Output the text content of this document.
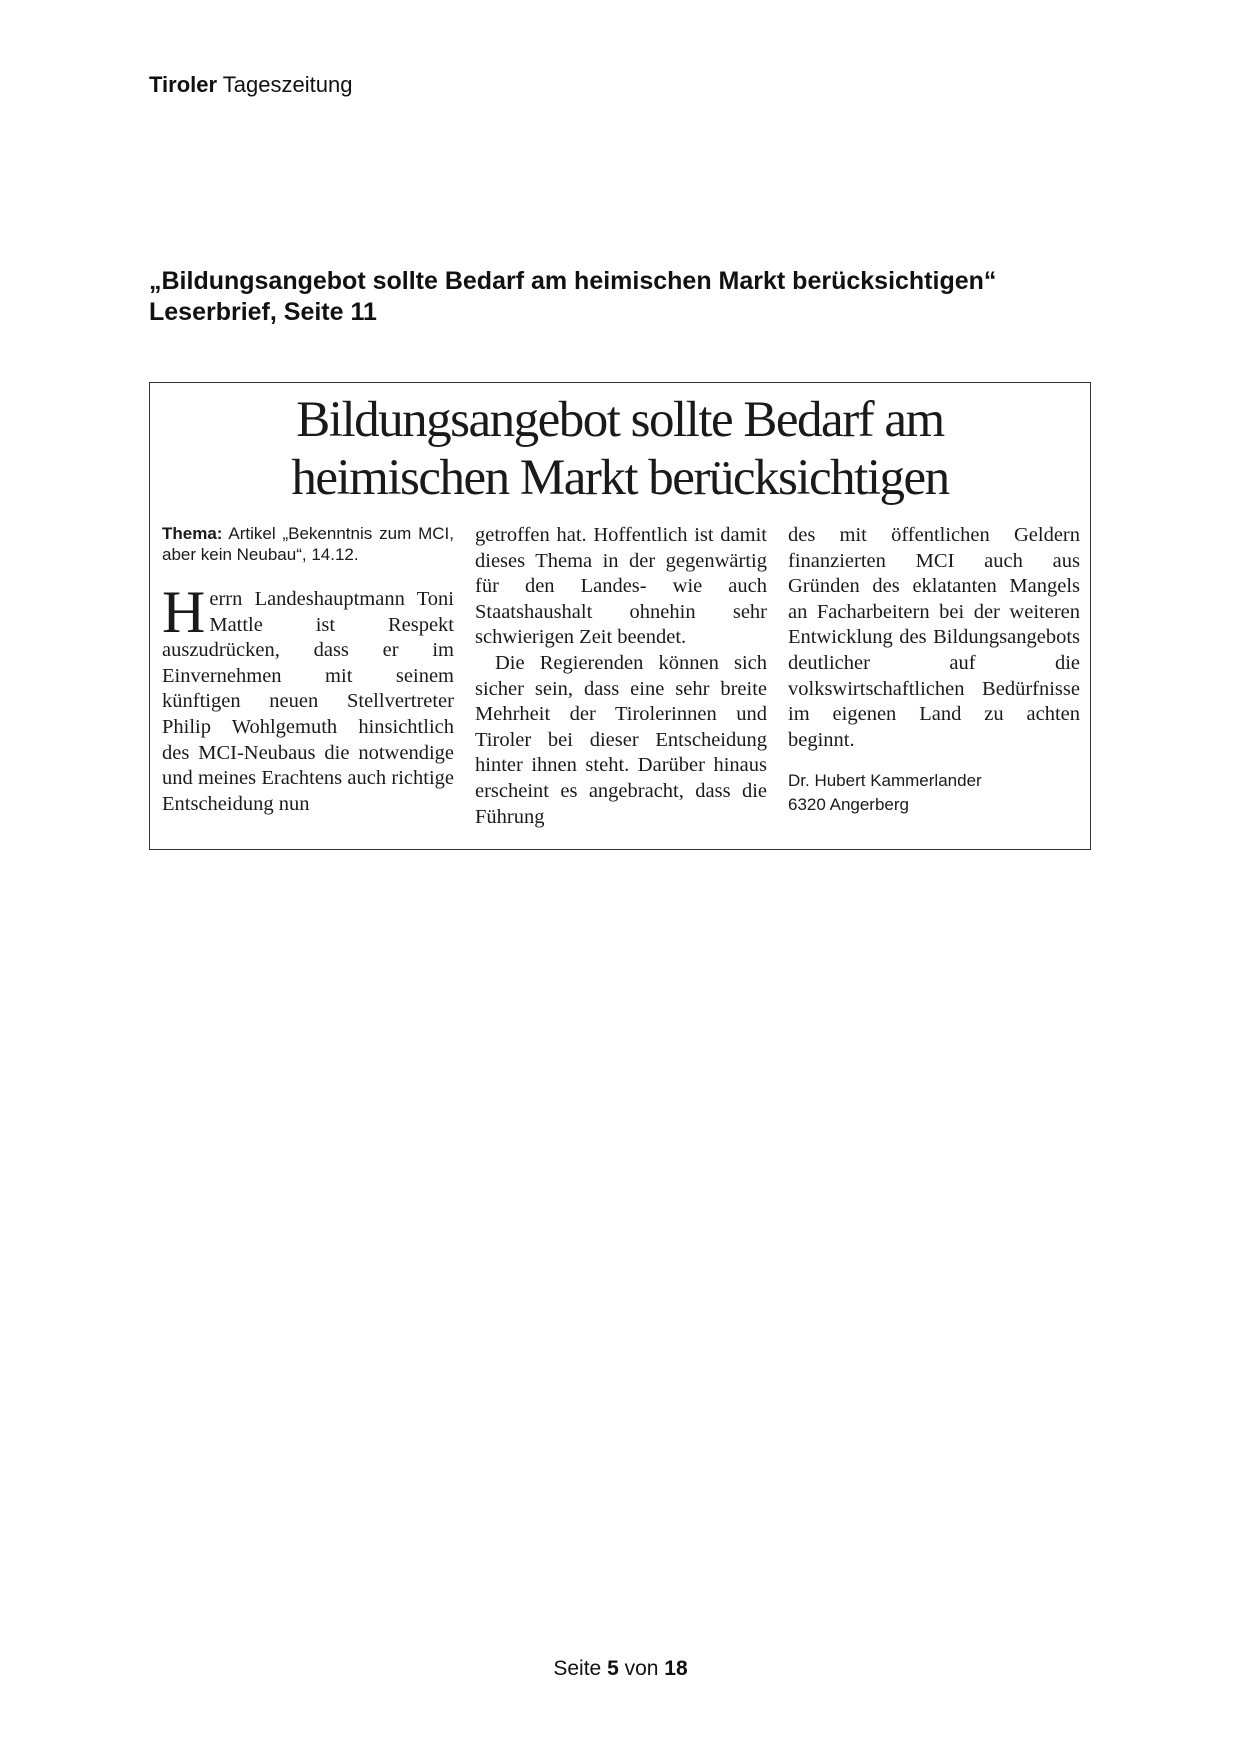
Tiroler Tageszeitung
„Bildungsangebot sollte Bedarf am heimischen Markt berücksichtigen“
Leserbrief, Seite 11
Bildungsangebot sollte Bedarf am
heimischen Markt berücksichtigen
Thema: Artikel „Bekenntnis zum MCI, aber kein Neubau“, 14.12.
Herrn Landeshauptmann Toni Mattle ist Respekt auszudrücken, dass er im Einvernehmen mit seinem künftigen neuen Stellvertreter Philip Wohlgemuth hinsichtlich des MCI-Neubaus die notwendige und meines Erachtens auch richtige Entscheidung nun
getroffen hat. Hoffentlich ist damit dieses Thema in der gegenwärtig für den Landes- wie auch Staatshaushalt ohnehin sehr schwierigen Zeit beendet.
Die Regierenden können sich sicher sein, dass eine sehr breite Mehrheit der Tirolerinnen und Tiroler bei dieser Entscheidung hinter ihnen steht. Darüber hinaus erscheint es angebracht, dass die Führung
des mit öffentlichen Geldern finanzierten MCI auch aus Gründen des eklatanten Mangels an Facharbeitern bei der weiteren Entwicklung des Bildungsangebots deutlicher auf die volkswirtschaftlichen Bedürfnisse im eigenen Land zu achten beginnt.
Dr. Hubert Kammerlander
6320 Angerberg
Seite 5 von 18
